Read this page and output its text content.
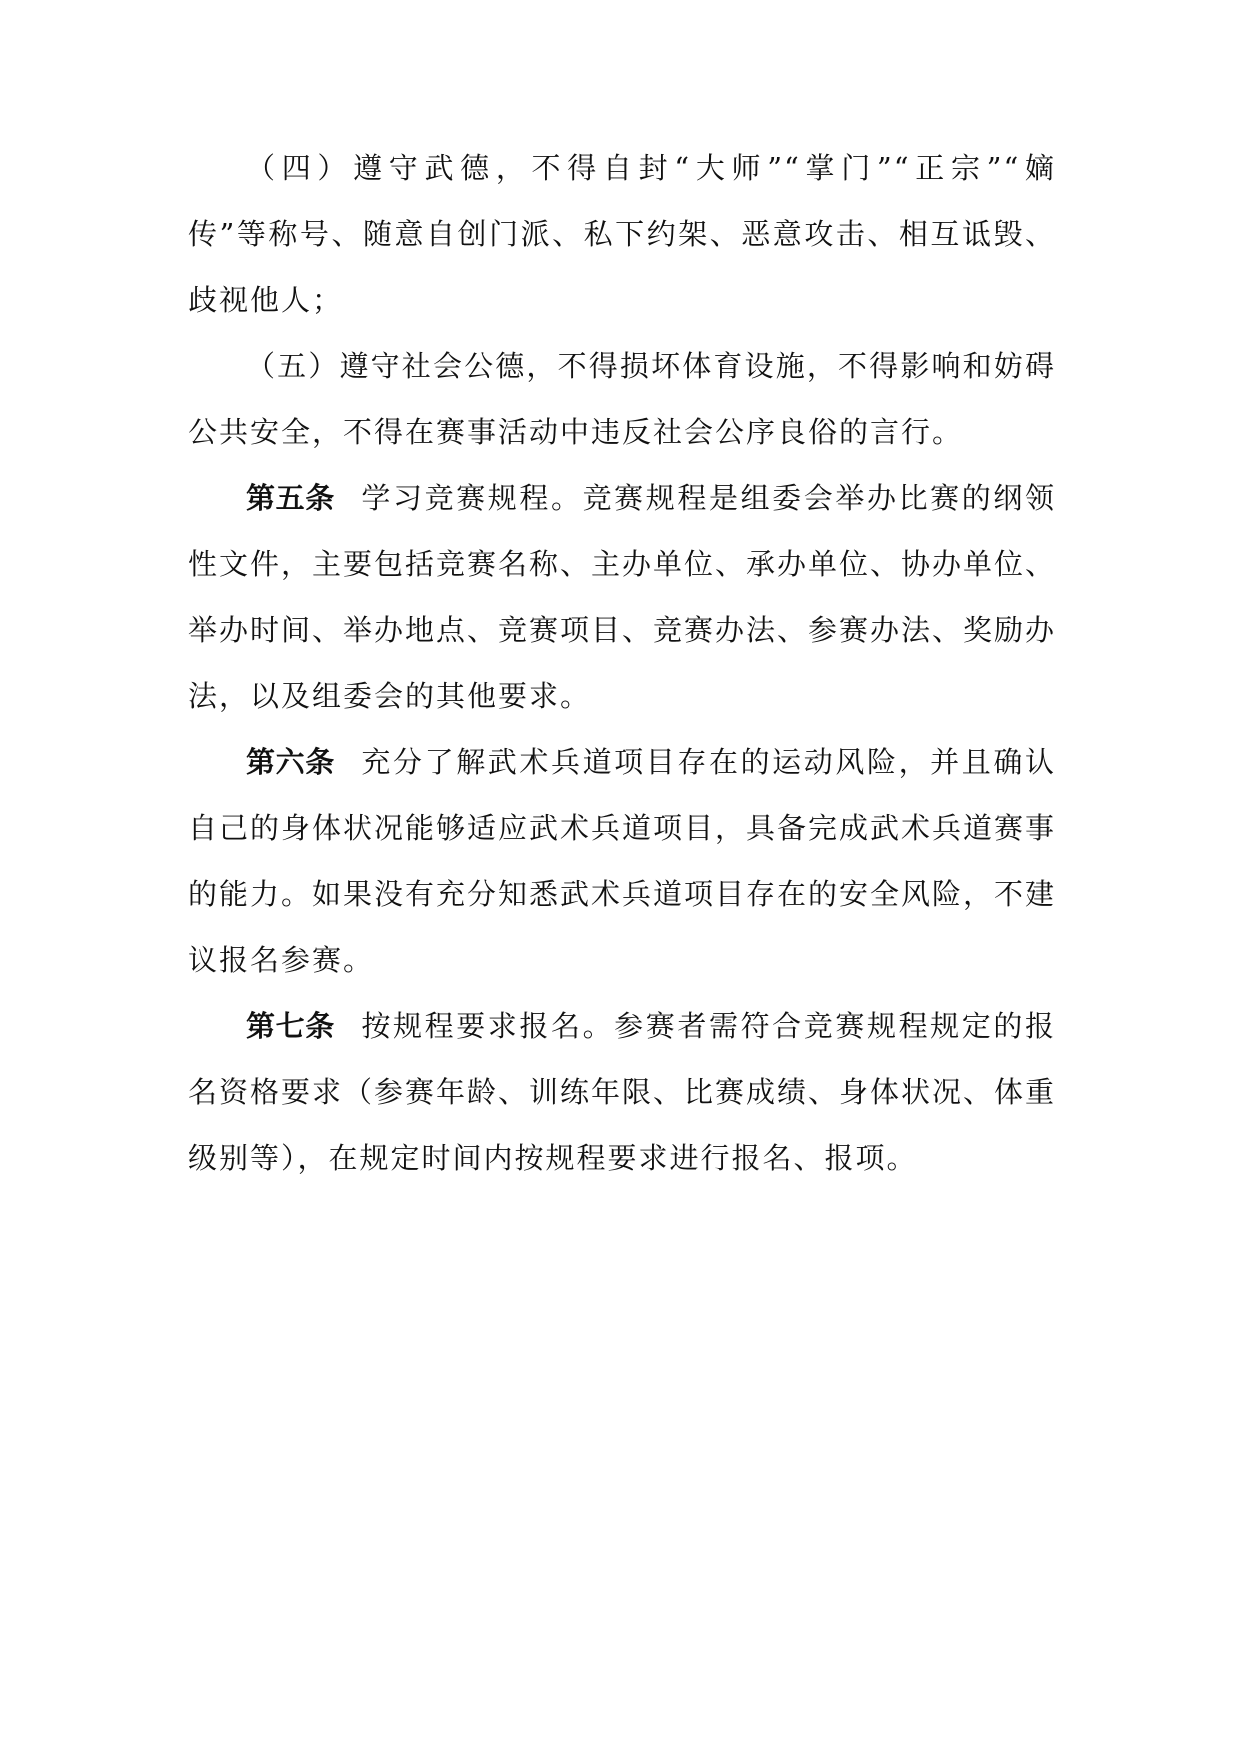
（四）遵守武德，不得自封“大师”“掌门”“正宗”“嫡
传”等称号、随意自创门派、私下约架、恶意攻击、相互诋毁、
歧视他人；
（五）遵守社会公德，不得损坏体育设施，不得影响和妨碍
公共安全，不得在赛事活动中违反社会公序良俗的言行。
第五条 学习竞赛规程。竞赛规程是组委会举办比赛的纲领
性文件，主要包括竞赛名称、主办单位、承办单位、协办单位、
举办时间、举办地点、竞赛项目、竞赛办法、参赛办法、奖励办
法，以及组委会的其他要求。
第六条 充分了解武术兵道项目存在的运动风险，并且确认
自己的身体状况能够适应武术兵道项目，具备完成武术兵道赛事
的能力。如果没有充分知悉武术兵道项目存在的安全风险，不建
议报名参赛。
第七条 按规程要求报名。参赛者需符合竞赛规程规定的报
名资格要求（参赛年龄、训练年限、比赛成绩、身体状况、体重
级别等），在规定时间内按规程要求进行报名、报项。
